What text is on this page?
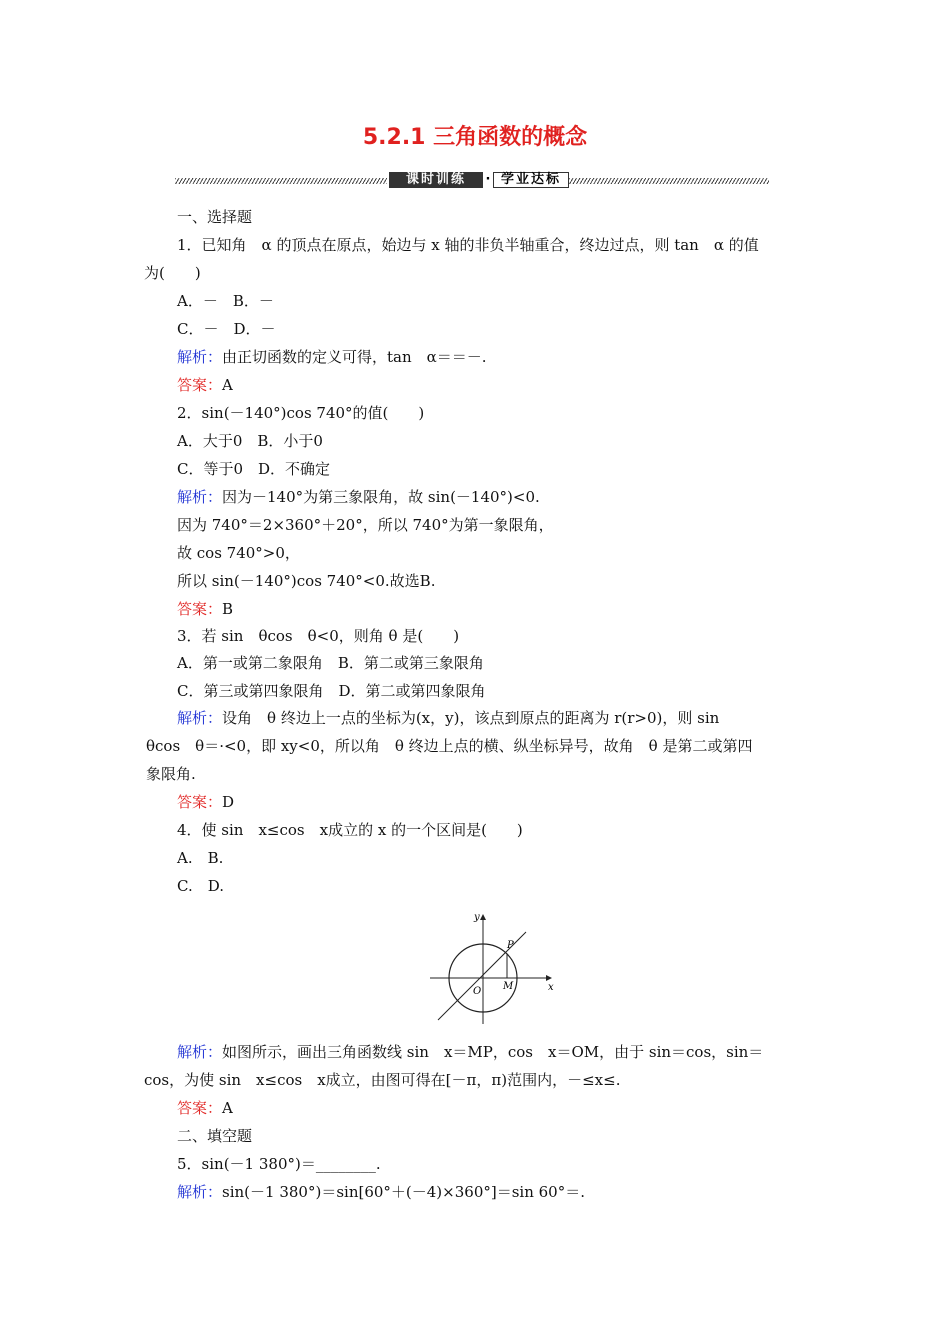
5.2.1 三角函数的概念
课时训练	· 学业达标
一、选择题
1．已知角　α 的顶点在原点，始边与 x 轴的非负半轴重合，终边过点，则 tan　α 的值
为(　　)
A．－　B．－
C．－　D．－
解析：由正切函数的定义可得，tan　α＝＝－.
答案：A
2．sin(－140°)cos 740°的值(　　)
A．大于0　B．小于0
C．等于0　D．不确定
解析：因为－140°为第三象限角，故 sin(－140°)<0.
因为 740°＝2×360°＋20°，所以 740°为第一象限角，
故 cos 740°>0，
所以 sin(－140°)cos 740°<0.故选B.
答案：B
3．若 sin　θcos　θ<0，则角 θ 是(　　)
A．第一或第二象限角　B．第二或第三象限角
C．第三或第四象限角　D．第二或第四象限角
解析：设角　θ 终边上一点的坐标为(x，y)，该点到原点的距离为 r(r>0)，则 sin
θcos　θ＝·<0，即 xy<0，所以角　θ 终边上点的横、纵坐标异号，故角　θ 是第二或第四
象限角.
答案：D
4．使 sin　x≤cos　x成立的 x 的一个区间是(　　)
A.　B.
C.　D.
y
x
P
O M
解析：如图所示，画出三角函数线 sin　x＝MP，cos　x＝OM，由于 sin＝cos，sin＝
cos，为使 sin　x≤cos　x成立，由图可得在[－π，π)范围内，－≤x≤.
答案：A
二、填空题
5．sin(－1 380°)＝________.
解析：sin(－1 380°)＝sin[60°＋(－4)×360°]＝sin 60°＝.
